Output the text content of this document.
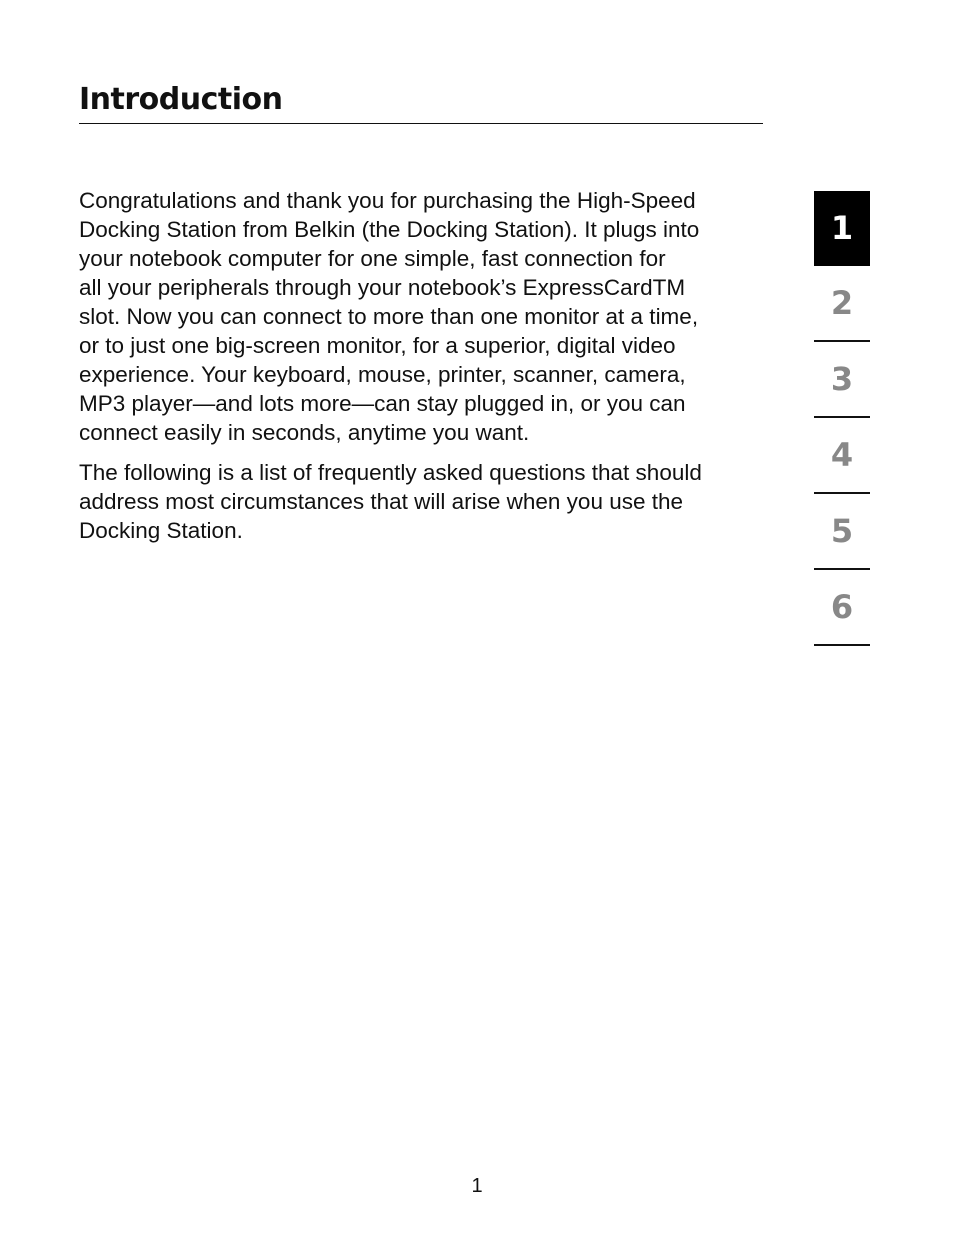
Introduction

Congratulations and thank you for purchasing the High-Speed
Docking Station from Belkin (the Docking Station). It plugs into
your notebook computer for one simple, fast connection for
all your peripherals through your notebook’s ExpressCardTM
slot. Now you can connect to more than one monitor at a time,
or to just one big-screen monitor, for a superior, digital video
experience. Your keyboard, mouse, printer, scanner, camera,
MP3 player—and lots more—can stay plugged in, or you can
connect easily in seconds, anytime you want.

The following is a list of frequently asked questions that should
address most circumstances that will arise when you use the
Docking Station.

1
2
3
4
5
6
1
